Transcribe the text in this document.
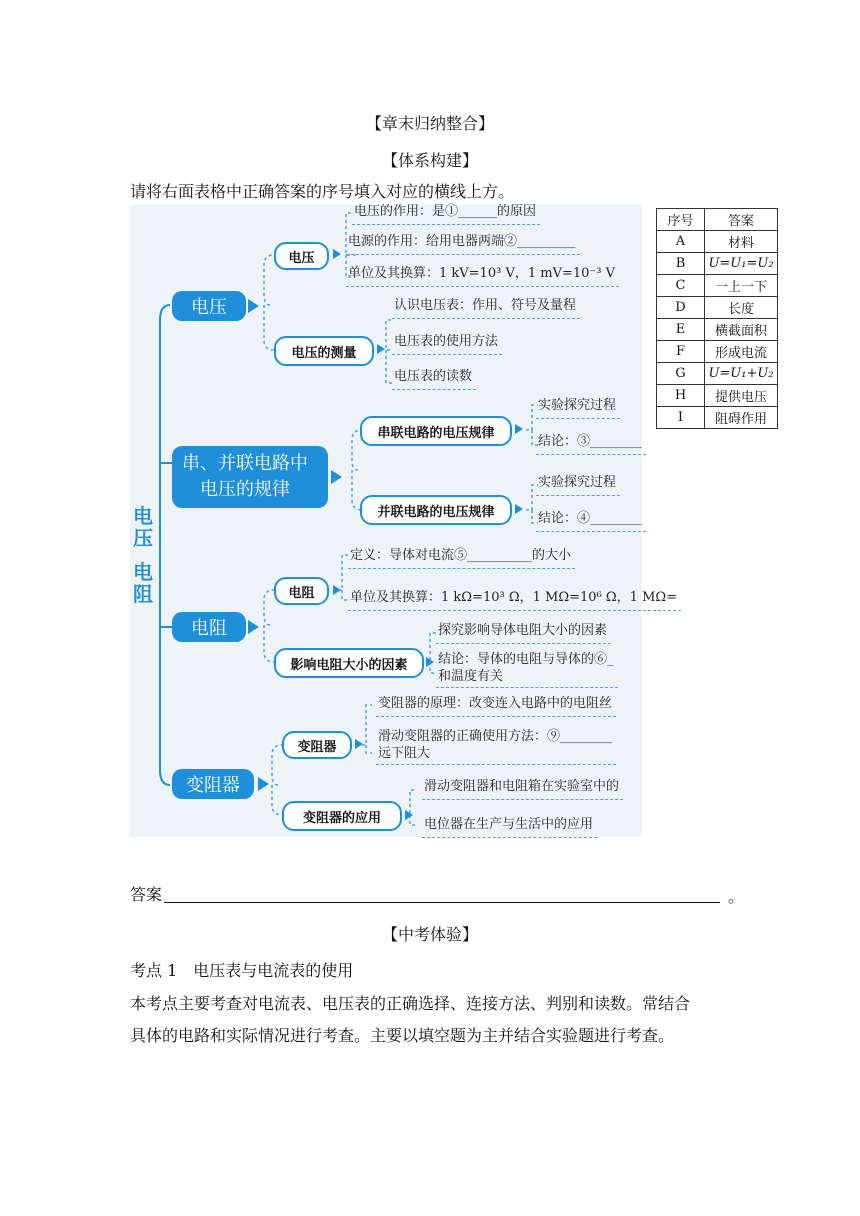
【章末归纳整合】
【体系构建】
请将右面表格中正确答案的序号填入对应的横线上方。
电
压
电
阻
电压
电压
电压的作用：是①______的原因
电源的作用：给用电器两端②_________
单位及其换算：1 kV=10³ V，1 mV=10⁻³ V
电压的测量
认识电压表：作用、符号及量程
电压表的使用方法
电压表的读数
串、并联电路中
电压的规律
串联电路的电压规律
实验探究过程
结论：③________
并联电路的电压规律
实验探究过程
结论：④________
电阻
电阻
定义：导体对电流⑤__________的大小
单位及其换算：1 kΩ=10³ Ω，1 MΩ=10⁶ Ω，1 MΩ=
影响电阻大小的因素
探究影响导体电阻大小的因素
结论：导体的电阻与导体的⑥_
和温度有关
变阻器
变阻器
变阻器的原理：改变连入电路中的电阻丝
滑动变阻器的正确使用方法：⑨________
远下阻大
变阻器的应用
滑动变阻器和电阻箱在实验室中的
电位器在生产与生活中的应用
序号	答案
A	材料
B	U=U₁=U₂
C	一上一下
D	长度
E	横截面积
F	形成电流
G	U=U₁+U₂
H	提供电压
I	阻碍作用
答案	。
【中考体验】
考点 1　电压表与电流表的使用
本考点主要考查对电流表、电压表的正确选择、连接方法、判别和读数。常结合
具体的电路和实际情况进行考查。主要以填空题为主并结合实验题进行考查。
